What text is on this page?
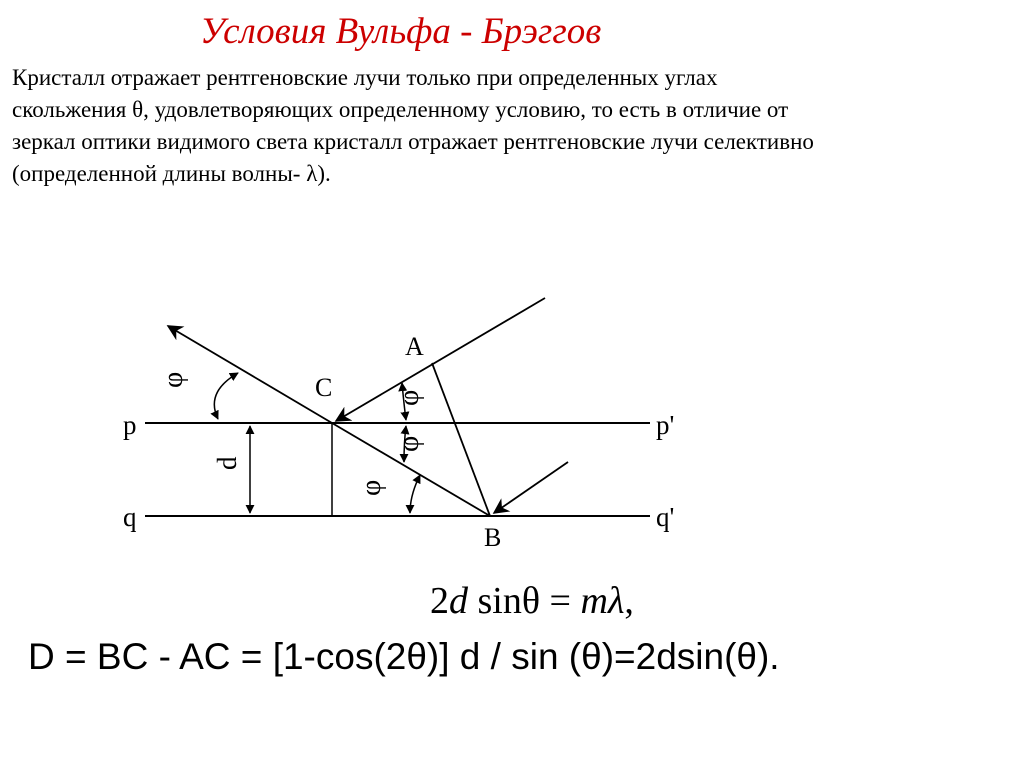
Условия Вульфа - Брэггов

Кристалл отражает рентгеновские лучи только при определенных углах

скольжения θ, удовлетворяющих определенному условию, то есть в отличие от

зеркал оптики видимого света кристалл отражает рентгеновские лучи селективно

(определенной длины волны- λ).

p	p'
q	q'
d
A
B
C
φ
φ
φ
φ
2d sinθ = mλ,
D = BC - AC = [1-cos(2θ)] d / sin (θ)=2dsin(θ).
